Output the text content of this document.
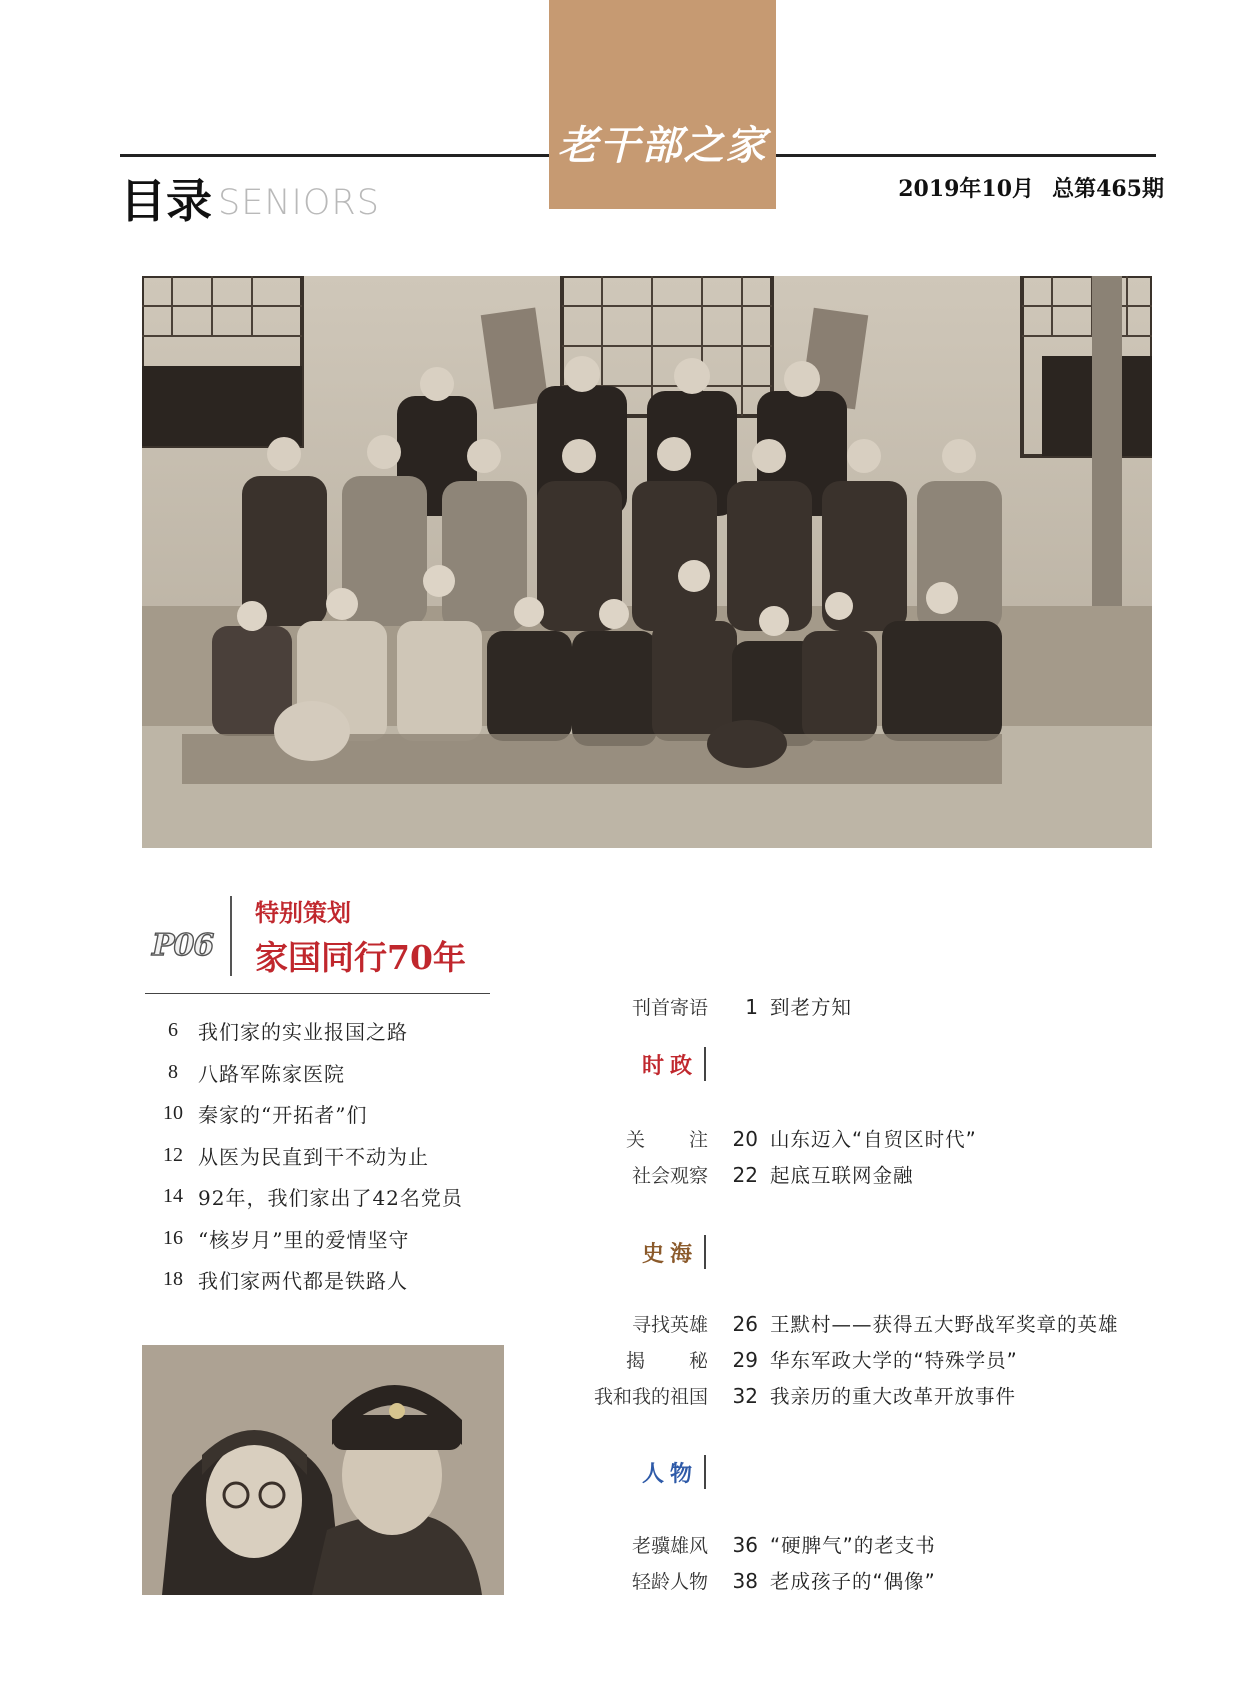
老干部之家
目录 SENIORS	2019年10月 总第465期
P06
特别策划
家国同行70年
6	我们家的实业报国之路
8	八路军陈家医院
10 秦家的“开拓者”们
12 从医为民直到干不动为止
14 92年，我们家出了42名党员
16 “核岁月”里的爱情坚守
18 我们家两代都是铁路人
刊首寄语	1 到老方知
时政
关注	20 山东迈入“自贸区时代”
社会观察	22 起底互联网金融
史海
寻找英雄	26 王默村——获得五大野战军奖章的英雄
揭秘	29 华东军政大学的“特殊学员”
我和我的祖国	32 我亲历的重大改革开放事件
人物
老骥雄风	36 “硬脾气”的老支书
轻龄人物	38 老成孩子的“偶像”
